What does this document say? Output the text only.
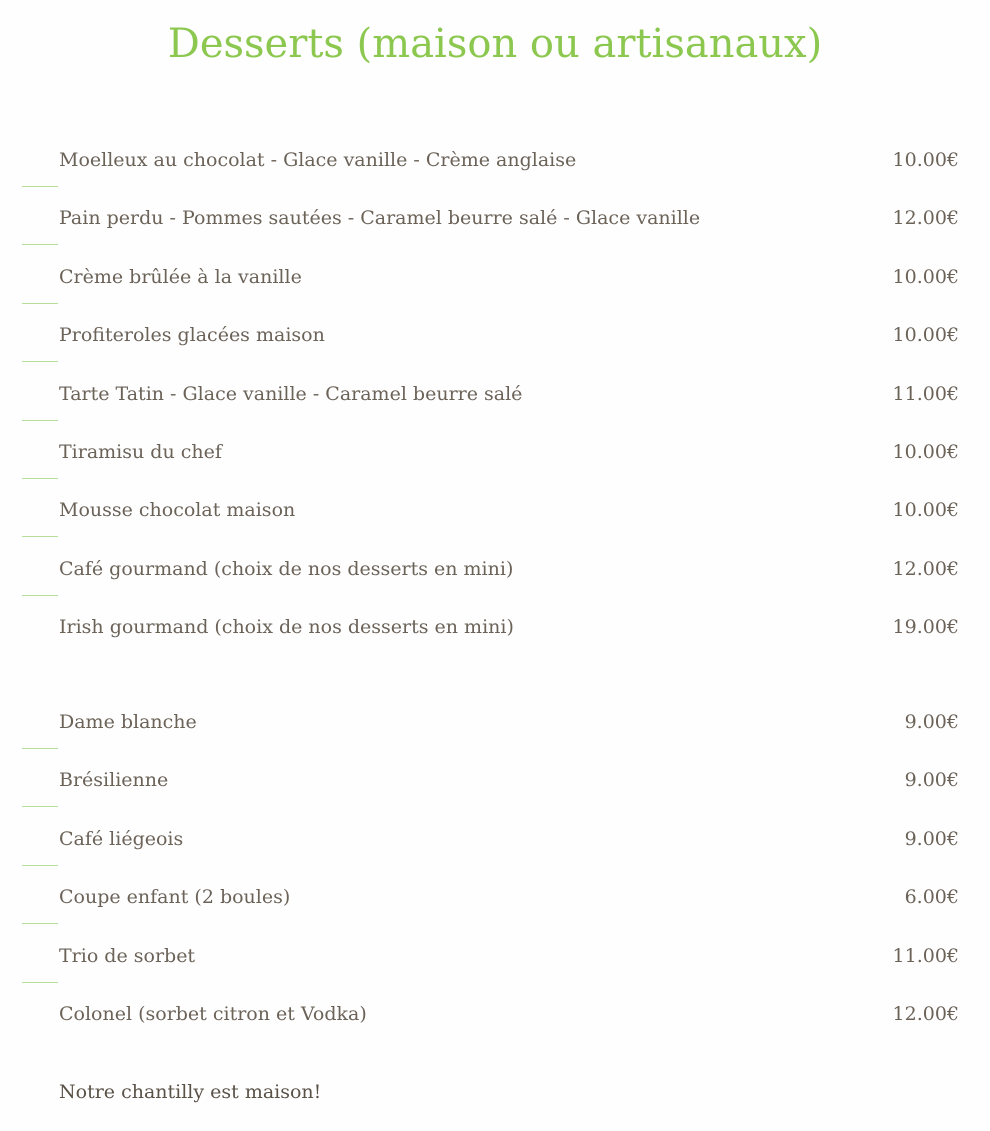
Desserts (maison ou artisanaux)
Moelleux au chocolat - Glace vanille - Crème anglaise	10.00€
Pain perdu - Pommes sautées - Caramel beurre salé - Glace vanille	12.00€
Crème brûlée à la vanille	10.00€
Profiteroles glacées maison	10.00€
Tarte Tatin - Glace vanille - Caramel beurre salé	11.00€
Tiramisu du chef	10.00€
Mousse chocolat maison	10.00€
Café gourmand (choix de nos desserts en mini)	12.00€
Irish gourmand (choix de nos desserts en mini)	19.00€
Dame blanche	9.00€
Brésilienne	9.00€
Café liégeois	9.00€
Coupe enfant (2 boules)	6.00€
Trio de sorbet	11.00€
Colonel (sorbet citron et Vodka)	12.00€

Notre chantilly est maison!
